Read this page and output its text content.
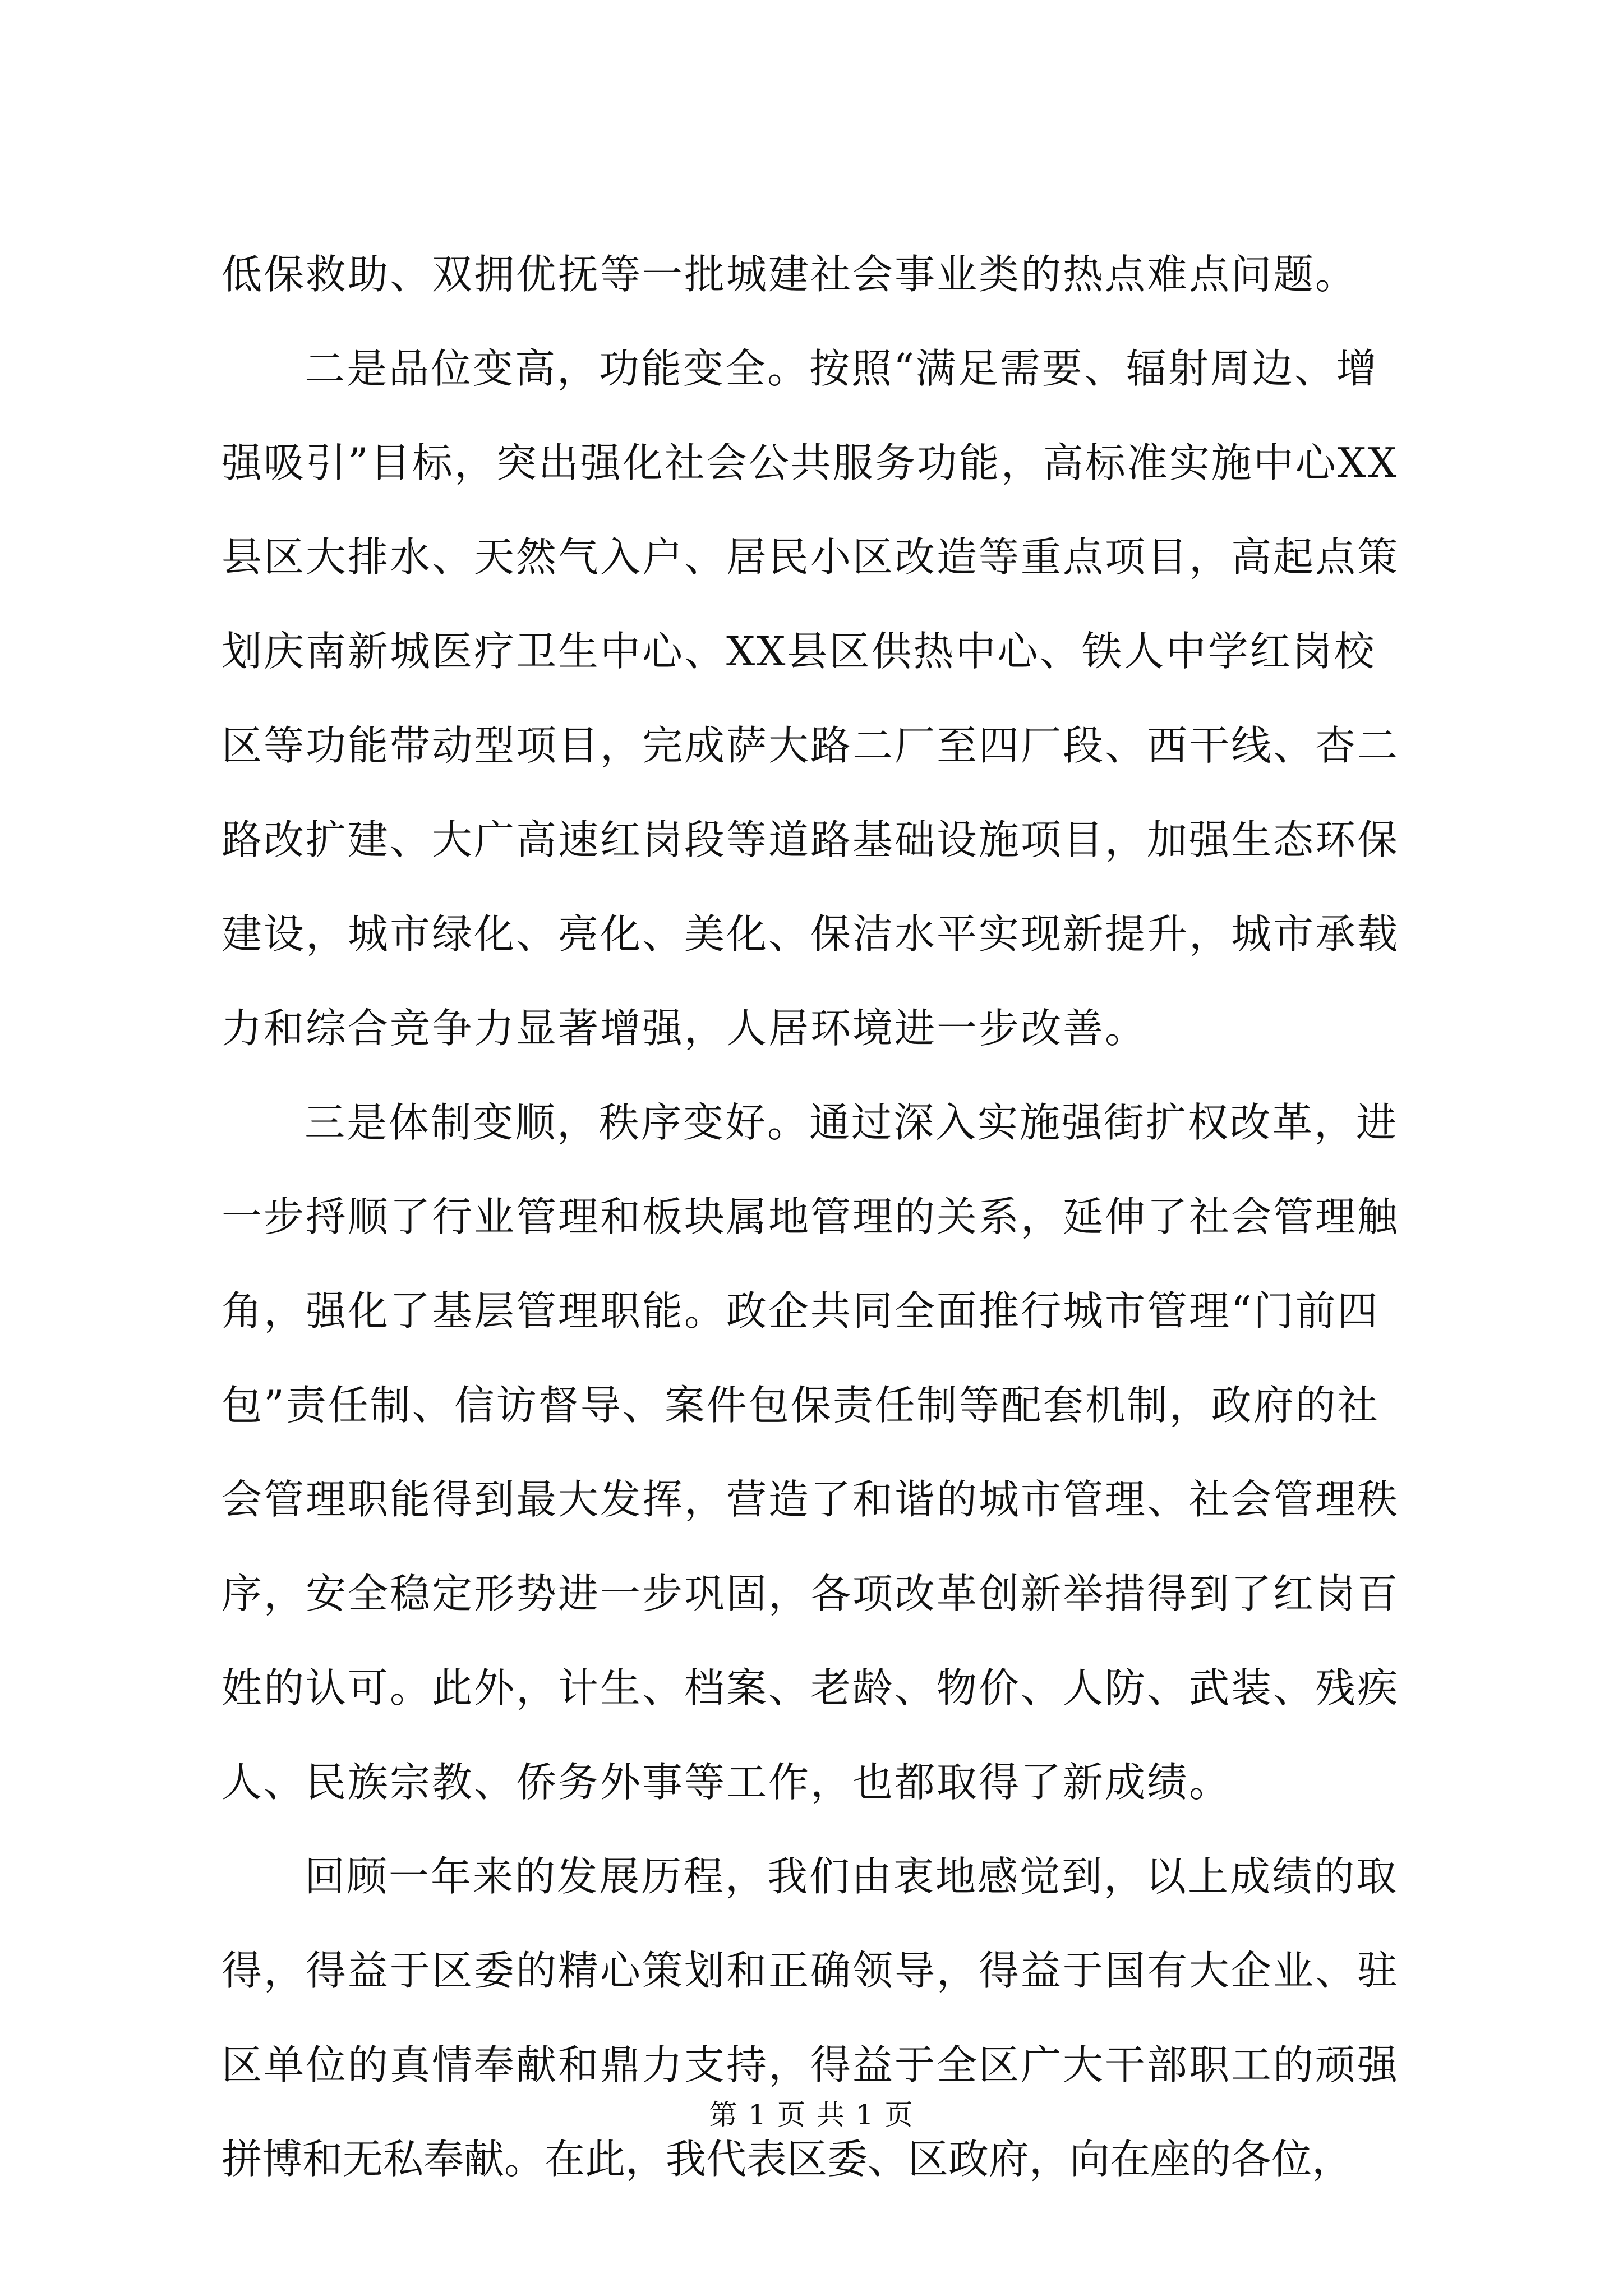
低保救助、双拥优抚等一批城建社会事业类的热点难点问题。
二是品位变高，功能变全。按照“满足需要、辐射周边、增
强吸引”目标，突出强化社会公共服务功能，高标准实施中心XX
县区大排水、天然气入户、居民小区改造等重点项目，高起点策
划庆南新城医疗卫生中心、XX县区供热中心、铁人中学红岗校
区等功能带动型项目，完成萨大路二厂至四厂段、西干线、杏二
路改扩建、大广高速红岗段等道路基础设施项目，加强生态环保
建设，城市绿化、亮化、美化、保洁水平实现新提升，城市承载
力和综合竞争力显著增强，人居环境进一步改善。
三是体制变顺，秩序变好。通过深入实施强街扩权改革，进
一步捋顺了行业管理和板块属地管理的关系，延伸了社会管理触
角，强化了基层管理职能。政企共同全面推行城市管理“门前四
包”责任制、信访督导、案件包保责任制等配套机制，政府的社
会管理职能得到最大发挥，营造了和谐的城市管理、社会管理秩
序，安全稳定形势进一步巩固，各项改革创新举措得到了红岗百
姓的认可。此外，计生、档案、老龄、物价、人防、武装、残疾
人、民族宗教、侨务外事等工作，也都取得了新成绩。
回顾一年来的发展历程，我们由衷地感觉到，以上成绩的取
得，得益于区委的精心策划和正确领导，得益于国有大企业、驻
区单位的真情奉献和鼎力支持，得益于全区广大干部职工的顽强
拼博和无私奉献。在此，我代表区委、区政府，向在座的各位，
第 1 页 共 1 页
